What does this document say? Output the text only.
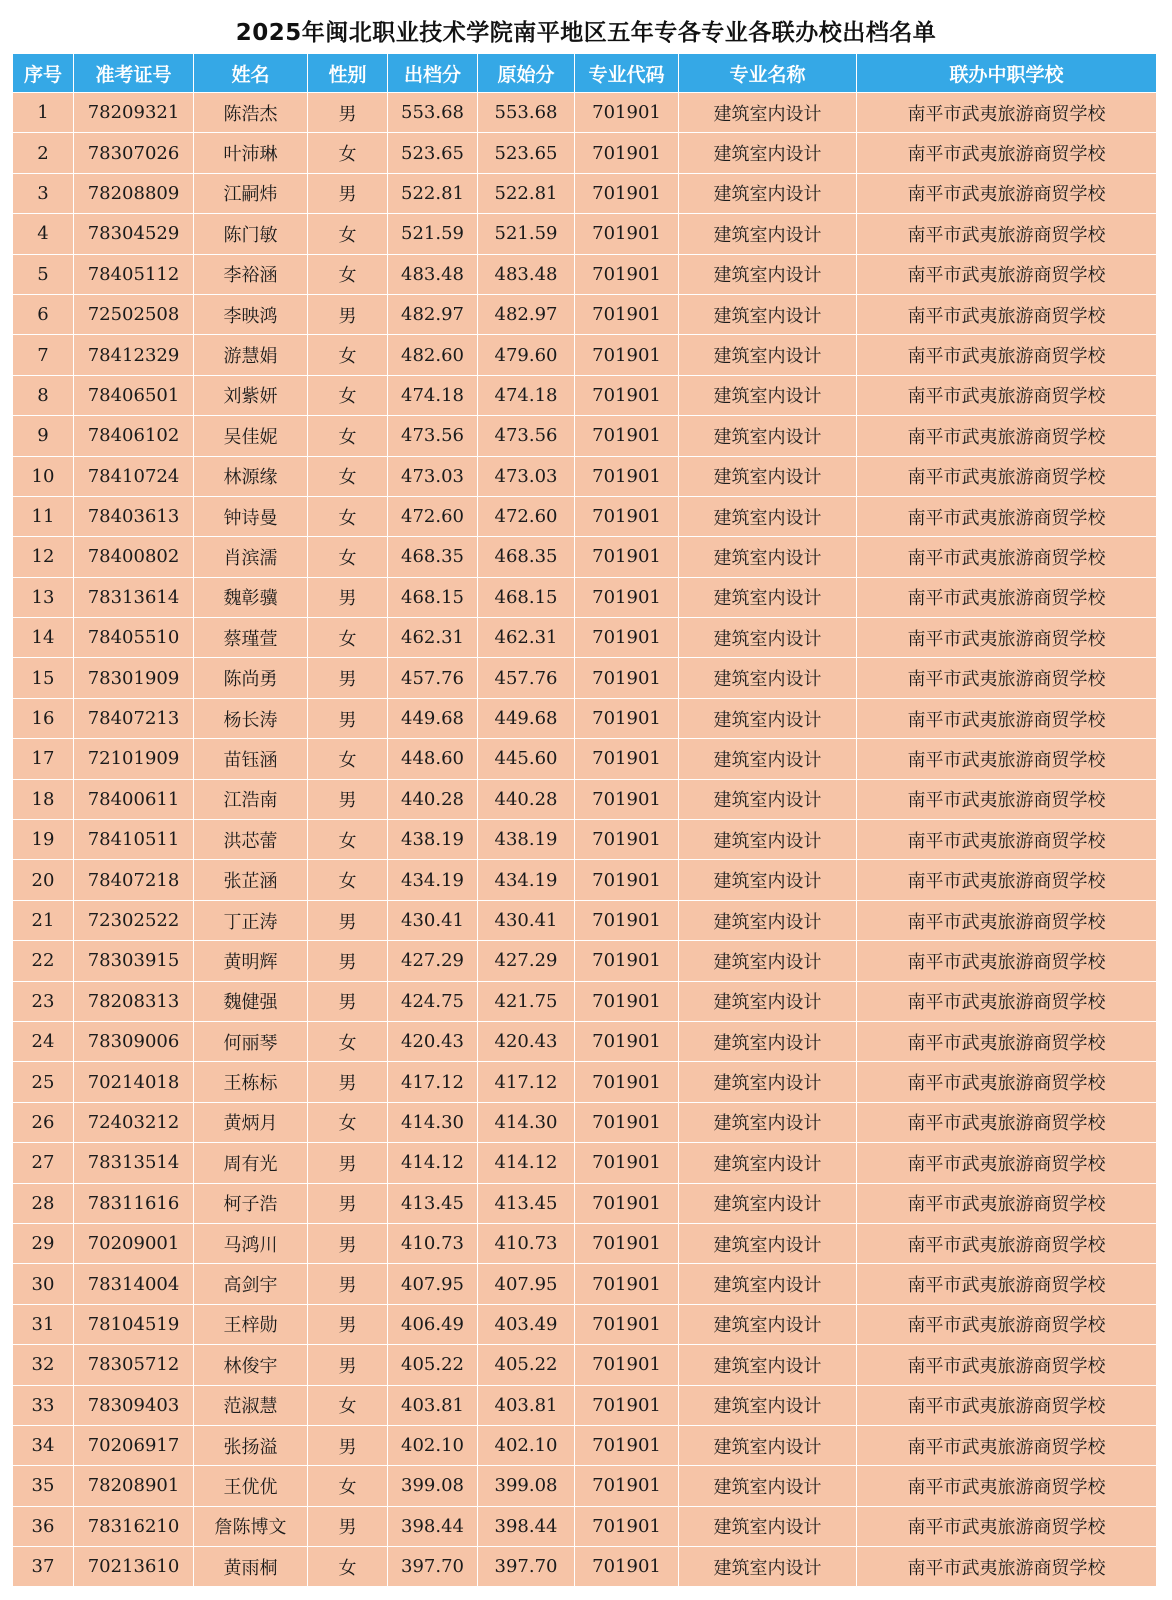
2025年闽北职业技术学院南平地区五年专各专业各联办校出档名单
序号	准考证号	姓名	性别	出档分	原始分	专业代码	专业名称	联办中职学校
1	78209321	陈浩杰	男	553.68	553.68	701901	建筑室内设计	南平市武夷旅游商贸学校
2	78307026	叶沛琳	女	523.65	523.65	701901	建筑室内设计	南平市武夷旅游商贸学校
3	78208809	江嗣炜	男	522.81	522.81	701901	建筑室内设计	南平市武夷旅游商贸学校
4	78304529	陈门敏	女	521.59	521.59	701901	建筑室内设计	南平市武夷旅游商贸学校
5	78405112	李裕涵	女	483.48	483.48	701901	建筑室内设计	南平市武夷旅游商贸学校
6	72502508	李映鸿	男	482.97	482.97	701901	建筑室内设计	南平市武夷旅游商贸学校
7	78412329	游慧娟	女	482.60	479.60	701901	建筑室内设计	南平市武夷旅游商贸学校
8	78406501	刘紫妍	女	474.18	474.18	701901	建筑室内设计	南平市武夷旅游商贸学校
9	78406102	吴佳妮	女	473.56	473.56	701901	建筑室内设计	南平市武夷旅游商贸学校
10	78410724	林源缘	女	473.03	473.03	701901	建筑室内设计	南平市武夷旅游商贸学校
11	78403613	钟诗曼	女	472.60	472.60	701901	建筑室内设计	南平市武夷旅游商贸学校
12	78400802	肖滨濡	女	468.35	468.35	701901	建筑室内设计	南平市武夷旅游商贸学校
13	78313614	魏彰骥	男	468.15	468.15	701901	建筑室内设计	南平市武夷旅游商贸学校
14	78405510	蔡瑾萱	女	462.31	462.31	701901	建筑室内设计	南平市武夷旅游商贸学校
15	78301909	陈尚勇	男	457.76	457.76	701901	建筑室内设计	南平市武夷旅游商贸学校
16	78407213	杨长涛	男	449.68	449.68	701901	建筑室内设计	南平市武夷旅游商贸学校
17	72101909	苗钰涵	女	448.60	445.60	701901	建筑室内设计	南平市武夷旅游商贸学校
18	78400611	江浩南	男	440.28	440.28	701901	建筑室内设计	南平市武夷旅游商贸学校
19	78410511	洪芯蕾	女	438.19	438.19	701901	建筑室内设计	南平市武夷旅游商贸学校
20	78407218	张芷涵	女	434.19	434.19	701901	建筑室内设计	南平市武夷旅游商贸学校
21	72302522	丁正涛	男	430.41	430.41	701901	建筑室内设计	南平市武夷旅游商贸学校
22	78303915	黄明辉	男	427.29	427.29	701901	建筑室内设计	南平市武夷旅游商贸学校
23	78208313	魏健强	男	424.75	421.75	701901	建筑室内设计	南平市武夷旅游商贸学校
24	78309006	何丽琴	女	420.43	420.43	701901	建筑室内设计	南平市武夷旅游商贸学校
25	70214018	王栋标	男	417.12	417.12	701901	建筑室内设计	南平市武夷旅游商贸学校
26	72403212	黄炳月	女	414.30	414.30	701901	建筑室内设计	南平市武夷旅游商贸学校
27	78313514	周有光	男	414.12	414.12	701901	建筑室内设计	南平市武夷旅游商贸学校
28	78311616	柯子浩	男	413.45	413.45	701901	建筑室内设计	南平市武夷旅游商贸学校
29	70209001	马鸿川	男	410.73	410.73	701901	建筑室内设计	南平市武夷旅游商贸学校
30	78314004	高剑宇	男	407.95	407.95	701901	建筑室内设计	南平市武夷旅游商贸学校
31	78104519	王梓勋	男	406.49	403.49	701901	建筑室内设计	南平市武夷旅游商贸学校
32	78305712	林俊宇	男	405.22	405.22	701901	建筑室内设计	南平市武夷旅游商贸学校
33	78309403	范淑慧	女	403.81	403.81	701901	建筑室内设计	南平市武夷旅游商贸学校
34	70206917	张扬溢	男	402.10	402.10	701901	建筑室内设计	南平市武夷旅游商贸学校
35	78208901	王优优	女	399.08	399.08	701901	建筑室内设计	南平市武夷旅游商贸学校
36	78316210	詹陈博文	男	398.44	398.44	701901	建筑室内设计	南平市武夷旅游商贸学校
37	70213610	黄雨桐	女	397.70	397.70	701901	建筑室内设计	南平市武夷旅游商贸学校
